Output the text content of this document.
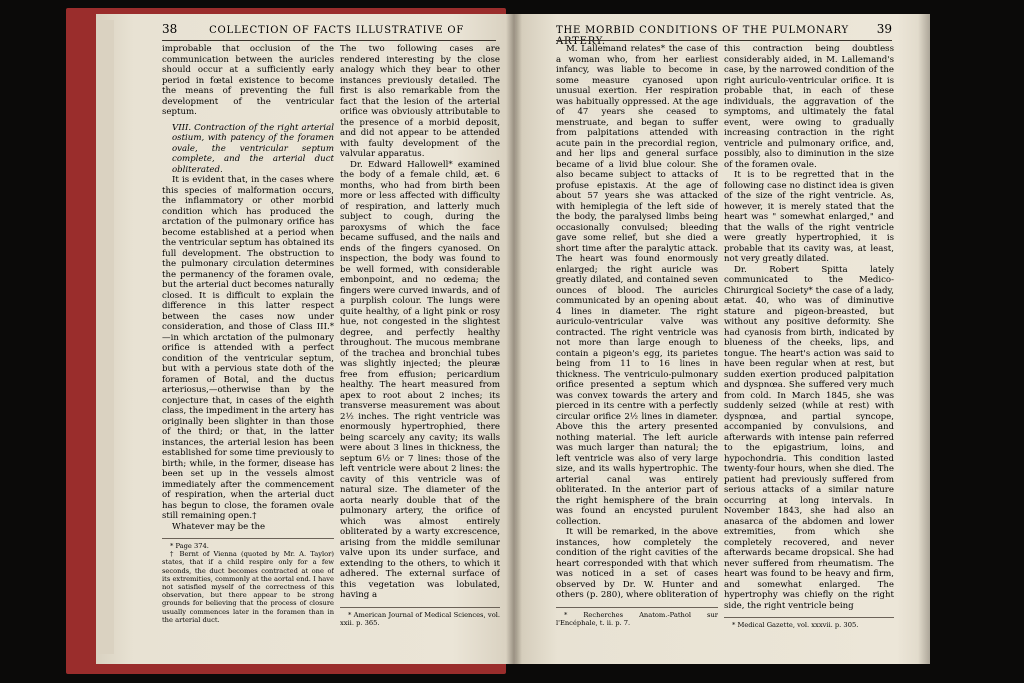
38	COLLECTION OF FACTS ILLUSTRATIVE OF	THE MORBID CONDITIONS OF THE PULMONARY ARTERY.
39

improbable that occlusion of the communication between the auricles should occur at a sufficiently early period in fœtal existence to become the means of preventing the full development of the ventricular septum.

VIII. Contraction of the right arterial ostium, with patency of the foramen ovale, the ventricular septum complete, and the arterial duct obliterated.

It is evident that, in the cases where this species of malformation occurs, the inflammatory or other morbid condition which has produced the arctation of the pulmonary orifice has become established at a period when the ventricular septum has obtained its full development. The obstruction to the pulmonary circulation determines the permanency of the foramen ovale, but the arterial duct becomes naturally closed. It is difficult to explain the difference in this latter respect between the cases now under consideration, and those of Class III.*—in which arctation of the pulmonary orifice is attended with a perfect condition of the ventricular septum, but with a pervious state doth of the foramen of Botal, and the ductus arteriosus,—otherwise than by the conjecture that, in cases of the eighth class, the impediment in the artery has originally been slighter in than those of the third; or that, in the latter instances, the arterial lesion has been established for some time previously to birth; while, in the former, disease has been set up in the vessels almost immediately after the commencement of respiration, when the arterial duct has begun to close, the foramen ovale still remaining open.†

Whatever may be the

* Page 374.

† Bernt of Vienna (quoted by Mr. A. Taylor) states, that if a child respire only for a few seconds, the duct becomes contracted at one of its extremities, commonly at the aortal end. I have not satisfied myself of the correctness of this observation, but there appear to be strong grounds for believing that the process of closure usually commences later in the foramen than in the arterial duct.

The two following cases are rendered interesting by the close analogy which they bear to other instances previously detailed. The first is also remarkable from the fact that the lesion of the arterial orifice was obviously attributable to the presence of a morbid deposit, and did not appear to be attended with faulty development of the valvular apparatus.

Dr. Edward Hallowell* examined the body of a female child, æt. 6 months, who had from birth been more or less affected with difficulty of respiration, and latterly much subject to cough, during the paroxysms of which the face became suffused, and the nails and ends of the fingers cyanosed. On inspection, the body was found to be well formed, with considerable embonpoint, and no œdema; the fingers were curved inwards, and of a purplish colour. The lungs were quite healthy, of a light pink or rosy hue, not congested in the slightest degree, and perfectly healthy throughout. The mucous membrane of the trachea and bronchial tubes was slightly injected; the pleuræ free from effusion; pericardium healthy. The heart measured from apex to root about 2 inches; its transverse measurement was about 2½ inches. The right ventricle was enormously hypertrophied, there being scarcely any cavity; its walls were about 3 lines in thickness, the septum 6½ or 7 lines: those of the left ventricle were about 2 lines: the cavity of this ventricle was of natural size. The diameter of the aorta nearly double that of the pulmonary artery, the orifice of which was almost entirely obliterated by a warty excrescence, arising from the middle semilunar valve upon its under surface, and extending to the others, to which it adhered. The external surface of this vegetation was lobulated, having a

* American Journal of Medical Sciences, vol. xxii. p. 365.

M. Lallemand relates* the case of a woman who, from her earliest infancy, was liable to become in some measure cyanosed upon unusual exertion. Her respiration was habitually oppressed. At the age of 47 years she ceased to menstruate, and began to suffer from palpitations attended with acute pain in the precordial region, and her lips and general surface became of a livid blue colour. She also became subject to attacks of profuse epistaxis. At the age of about 57 years she was attacked with hemiplegia of the left side of the body, the paralysed limbs being occasionally convulsed; bleeding gave some relief, but she died a short time after the paralytic attack. The heart was found enormously enlarged; the right auricle was greatly dilated, and contained seven ounces of blood. The auricles communicated by an opening about 4 lines in diameter. The right auriculo-ventricular valve was contracted. The right ventricle was not more than large enough to contain a pigeon's egg, its parietes being from 11 to 16 lines in thickness. The ventriculo-pulmonary orifice presented a septum which was convex towards the artery and pierced in its centre with a perfectly circular orifice 2½ lines in diameter. Above this the artery presented nothing material. The left auricle was much larger than natural; the left ventricle was also of very large size, and its walls hypertrophic. The arterial canal was entirely obliterated. In the anterior part of the right hemisphere of the brain was found an encysted purulent collection.

It will be remarked, in the above instances, how completely the condition of the right cavities of the heart corresponded with that which was noticed in a set of cases observed by Dr. W. Hunter and others (p. 280), where obliteration of

* Recherches Anatom.-Pathol sur l'Encéphale, t. ii. p. 7.

this contraction being doubtless considerably aided, in M. Lallemand's case, by the narrowed condition of the right auriculo-ventricular orifice. It is probable that, in each of these individuals, the aggravation of the symptoms, and ultimately the fatal event, were owing to gradually increasing contraction in the right ventricle and pulmonary orifice, and, possibly, also to diminution in the size of the foramen ovale.

It is to be regretted that in the following case no distinct idea is given of the size of the right ventricle. As, however, it is merely stated that the heart was " somewhat enlarged," and that the walls of the right ventricle were greatly hypertrophied, it is probable that its cavity was, at least, not very greatly dilated.

Dr. Robert Spitta lately communicated to the Medico-Chirurgical Society* the case of a lady, ætat. 40, who was of diminutive stature and pigeon-breasted, but without any positive deformity. She had cyanosis from birth, indicated by blueness of the cheeks, lips, and tongue. The heart's action was said to have been regular when at rest, but sudden exertion produced palpitation and dyspnœa. She suffered very much from cold. In March 1845, she was suddenly seized (while at rest) with dyspnœa, and partial syncope, accompanied by convulsions, and afterwards with intense pain referred to the epigastrium, loins, and hypochondria. This condition lasted twenty-four hours, when she died. The patient had previously suffered from serious attacks of a similar nature occurring at long intervals. In November 1843, she had also an anasarca of the abdomen and lower extremities, from which she completely recovered, and never afterwards became dropsical. She had never suffered from rheumatism. The heart was found to be heavy and firm, and somewhat enlarged. The hypertrophy was chiefly on the right side, the right ventricle being

* Medical Gazette, vol. xxxvii. p. 305.
